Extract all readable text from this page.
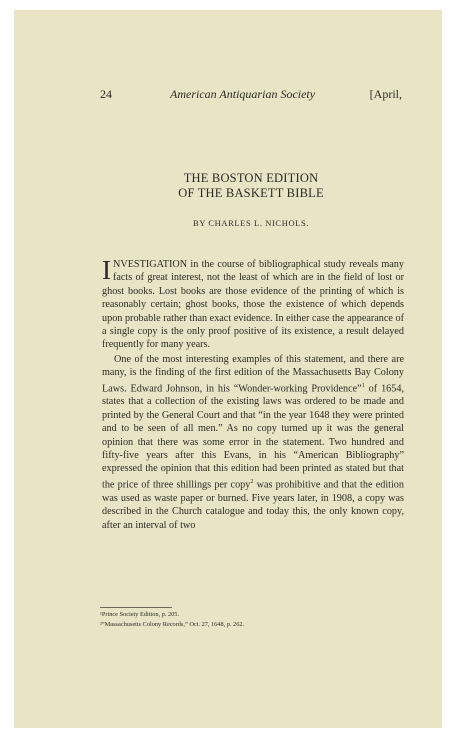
24	American Antiquarian Society	[April,
THE BOSTON EDITION
OF THE BASKETT BIBLE
BY CHARLES L. NICHOLS.

INVESTIGATION in the course of bibliographical study reveals many facts of great interest, not the least of which are in the field of lost or ghost books. Lost books are those evidence of the printing of which is reasonably certain; ghost books, those the existence of which depends upon probable rather than exact evidence. In either case the appearance of a single copy is the only proof positive of its existence, a result delayed frequently for many years.

One of the most interesting examples of this statement, and there are many, is the finding of the first edition of the Massachusetts Bay Colony Laws. Edward Johnson, in his “Wonder-working Providence”$^1$ of 1654, states that a collection of the existing laws was ordered to be made and printed by the General Court and that “in the year 1648 they were printed and to be seen of all men.” As no copy turned up it was the general opinion that there was some error in the statement. Two hundred and fifty-five years after this Evans, in his “American Bibliography” expressed the opinion that this edition had been printed as stated but that the price of three shillings per copy$^2$ was prohibitive and that the edition was used as waste paper or burned. Five years later, in 1908, a copy was described in the Church catalogue and today this, the only known copy, after an interval of two

¹Prince Society Edition, p. 205.
²“Massachusetts Colony Records,” Oct. 27, 1648, p. 262.
